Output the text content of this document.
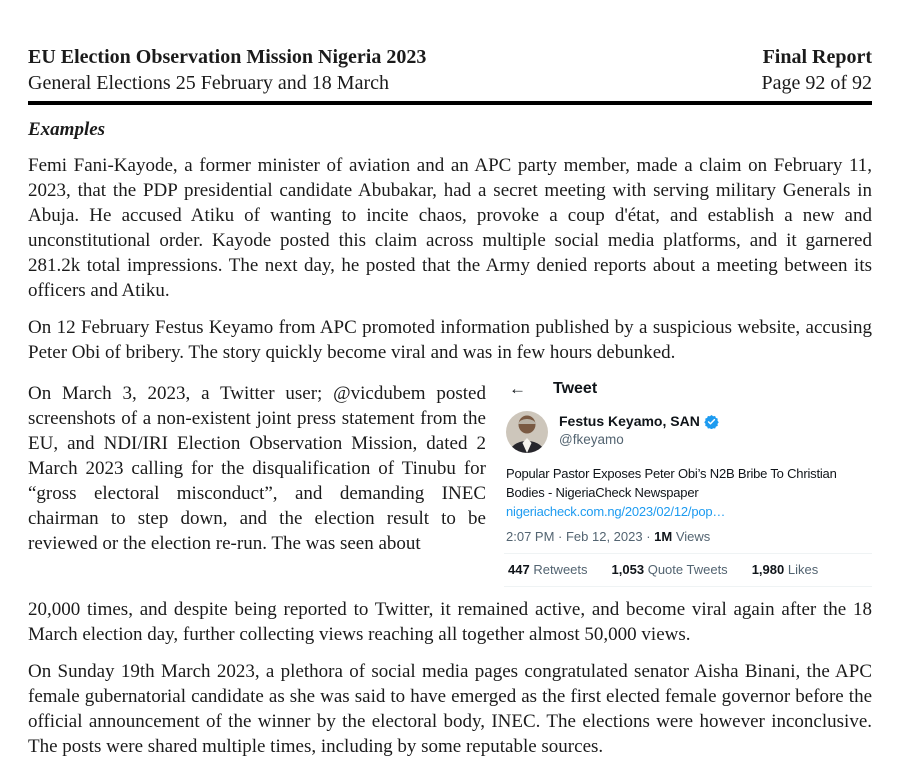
EU Election Observation Mission Nigeria 2023	Final Report
General Elections 25 February and 18 March	Page 92 of 92
Examples

Femi Fani-Kayode, a former minister of aviation and an APC party member, made a claim on February 11, 2023, that the PDP presidential candidate Abubakar, had a secret meeting with serving military Generals in Abuja. He accused Atiku of wanting to incite chaos, provoke a coup d'état, and establish a new and unconstitutional order. Kayode posted this claim across multiple social media platforms, and it garnered 281.2k total impressions. The next day, he posted that the Army denied reports about a meeting between its officers and Atiku.

On 12 February Festus Keyamo from APC promoted information published by a suspicious website, accusing Peter Obi of bribery. The story quickly become viral and was in few hours debunked.

On March 3, 2023, a Twitter user; @vicdubem posted screenshots of a non-existent joint press statement from the EU, and NDI/IRI Election Observation Mission, dated 2 March 2023 calling for the disqualification of Tinubu for “gross electoral misconduct”, and demanding INEC chairman to step down, and the election result to be reviewed or the election re-run. The was seen about

← Tweet
Festus Keyamo, SAN
@fkeyamo
Popular Pastor Exposes Peter Obi’s N2B Bribe To Christian Bodies - NigeriaCheck Newspaper nigeriacheck.com.ng/2023/02/12/pop…
2:07 PM · Feb 12, 2023 · 1M Views
447 Retweets 1,053 Quote Tweets 1,980 Likes

20,000 times, and despite being reported to Twitter, it remained active, and become viral again after the 18 March election day, further collecting views reaching all together almost 50,000 views.

On Sunday 19th March 2023, a plethora of social media pages congratulated senator Aisha Binani, the APC female gubernatorial candidate as she was said to have emerged as the first elected female governor before the official announcement of the winner by the electoral body, INEC. The elections were however inconclusive. The posts were shared multiple times, including by some reputable sources.
